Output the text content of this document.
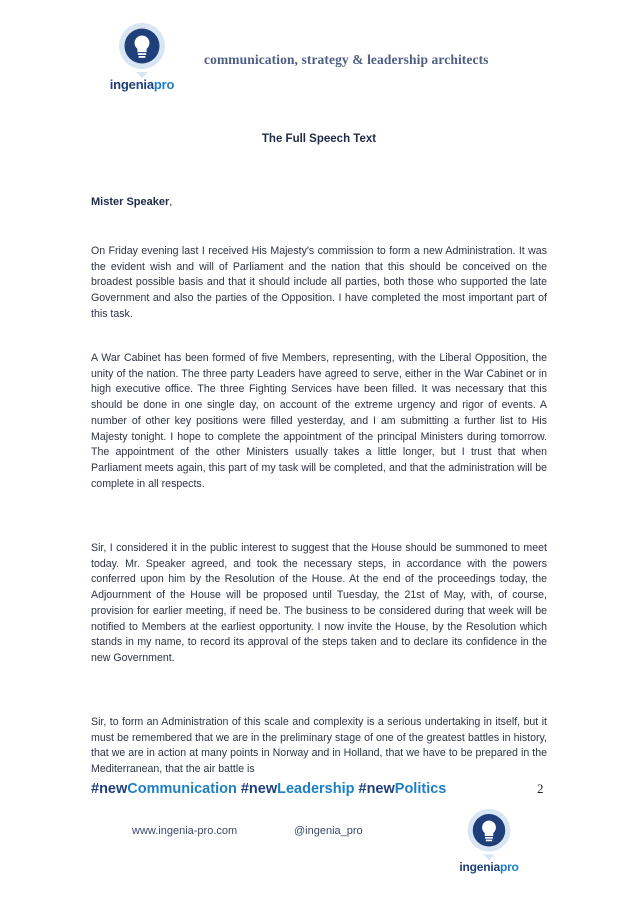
ingeniapro
communication, strategy & leadership architects
The Full Speech Text
Mister Speaker,

On Friday evening last I received His Majesty's commission to form a new Administration. It was the evident wish and will of Parliament and the nation that this should be conceived on the broadest possible basis and that it should include all parties, both those who supported the late Government and also the parties of the Opposition. I have completed the most important part of this task.

A War Cabinet has been formed of five Members, representing, with the Liberal Opposition, the unity of the nation. The three party Leaders have agreed to serve, either in the War Cabinet or in high executive office. The three Fighting Services have been filled. It was necessary that this should be done in one single day, on account of the extreme urgency and rigor of events. A number of other key positions were filled yesterday, and I am submitting a further list to His Majesty tonight. I hope to complete the appointment of the principal Ministers during tomorrow. The appointment of the other Ministers usually takes a little longer, but I trust that when Parliament meets again, this part of my task will be completed, and that the administration will be complete in all respects.

Sir, I considered it in the public interest to suggest that the House should be summoned to meet today. Mr. Speaker agreed, and took the necessary steps, in accordance with the powers conferred upon him by the Resolution of the House. At the end of the proceedings today, the Adjournment of the House will be proposed until Tuesday, the 21st of May, with, of course, provision for earlier meeting, if need be. The business to be considered during that week will be notified to Members at the earliest opportunity. I now invite the House, by the Resolution which stands in my name, to record its approval of the steps taken and to declare its confidence in the new Government.

Sir, to form an Administration of this scale and complexity is a serious undertaking in itself, but it must be remembered that we are in the preliminary stage of one of the greatest battles in history, that we are in action at many points in Norway and in Holland, that we have to be prepared in the Mediterranean, that the air battle is

#newCommunication #newLeadership #newPolitics	2
www.ingenia-pro.com	@ingenia_pro
ingeniapro
